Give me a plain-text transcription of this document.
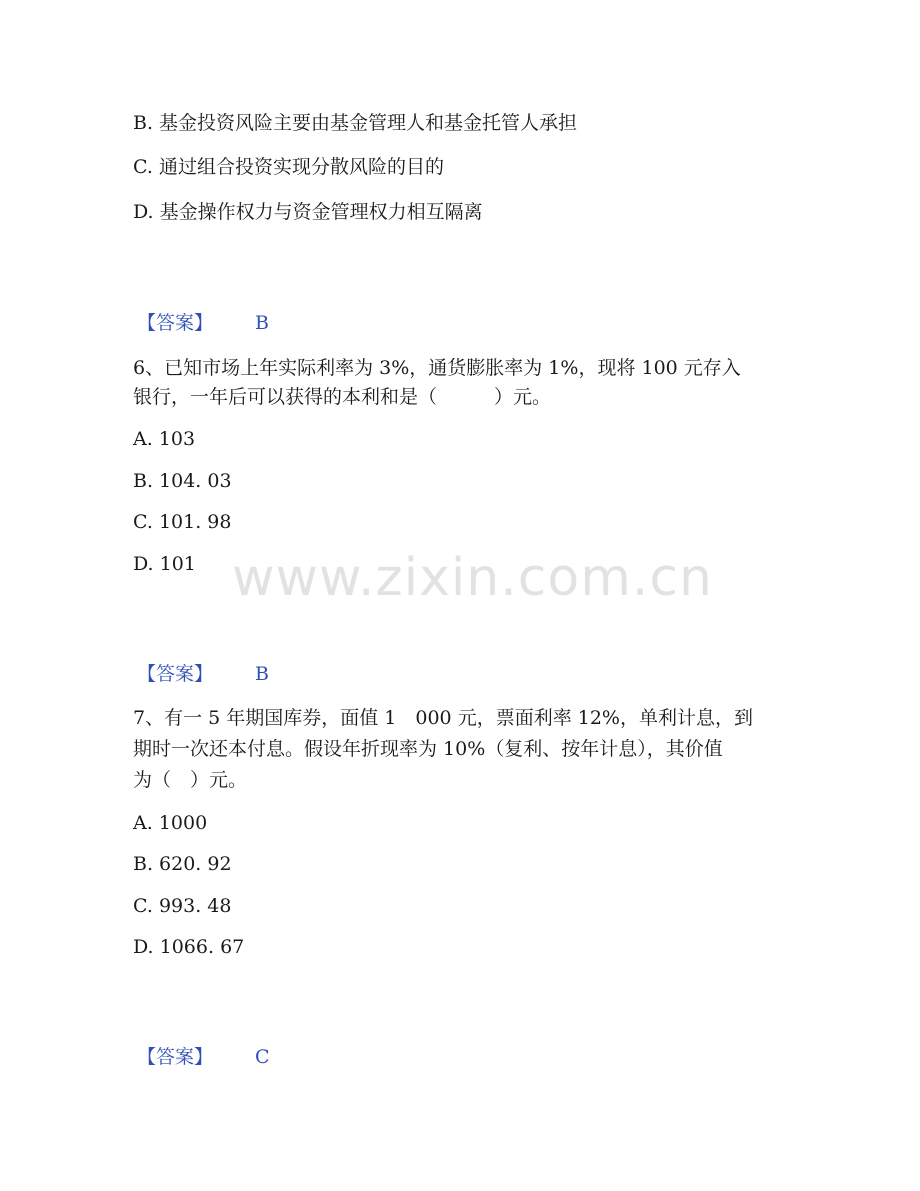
B. 基金投资风险主要由基金管理人和基金托管人承担
C. 通过组合投资实现分散风险的目的
D. 基金操作权力与资金管理权力相互隔离
【答案】 B
6、已知市场上年实际利率为 3%，通货膨胀率为 1%，现将 100 元存入
银行，一年后可以获得的本利和是（　　　）元。
A. 103
B. 104. 03
C. 101. 98
D. 101 www.zixin.com.cn
【答案】 B
7、有一 5 年期国库券，面值 1　000 元，票面利率 12%，单利计息，到
期时一次还本付息。假设年折现率为 10%（复利、按年计息），其价值
为（　）元。
A. 1000
B. 620. 92
C. 993. 48
D. 1066. 67
【答案】 C
